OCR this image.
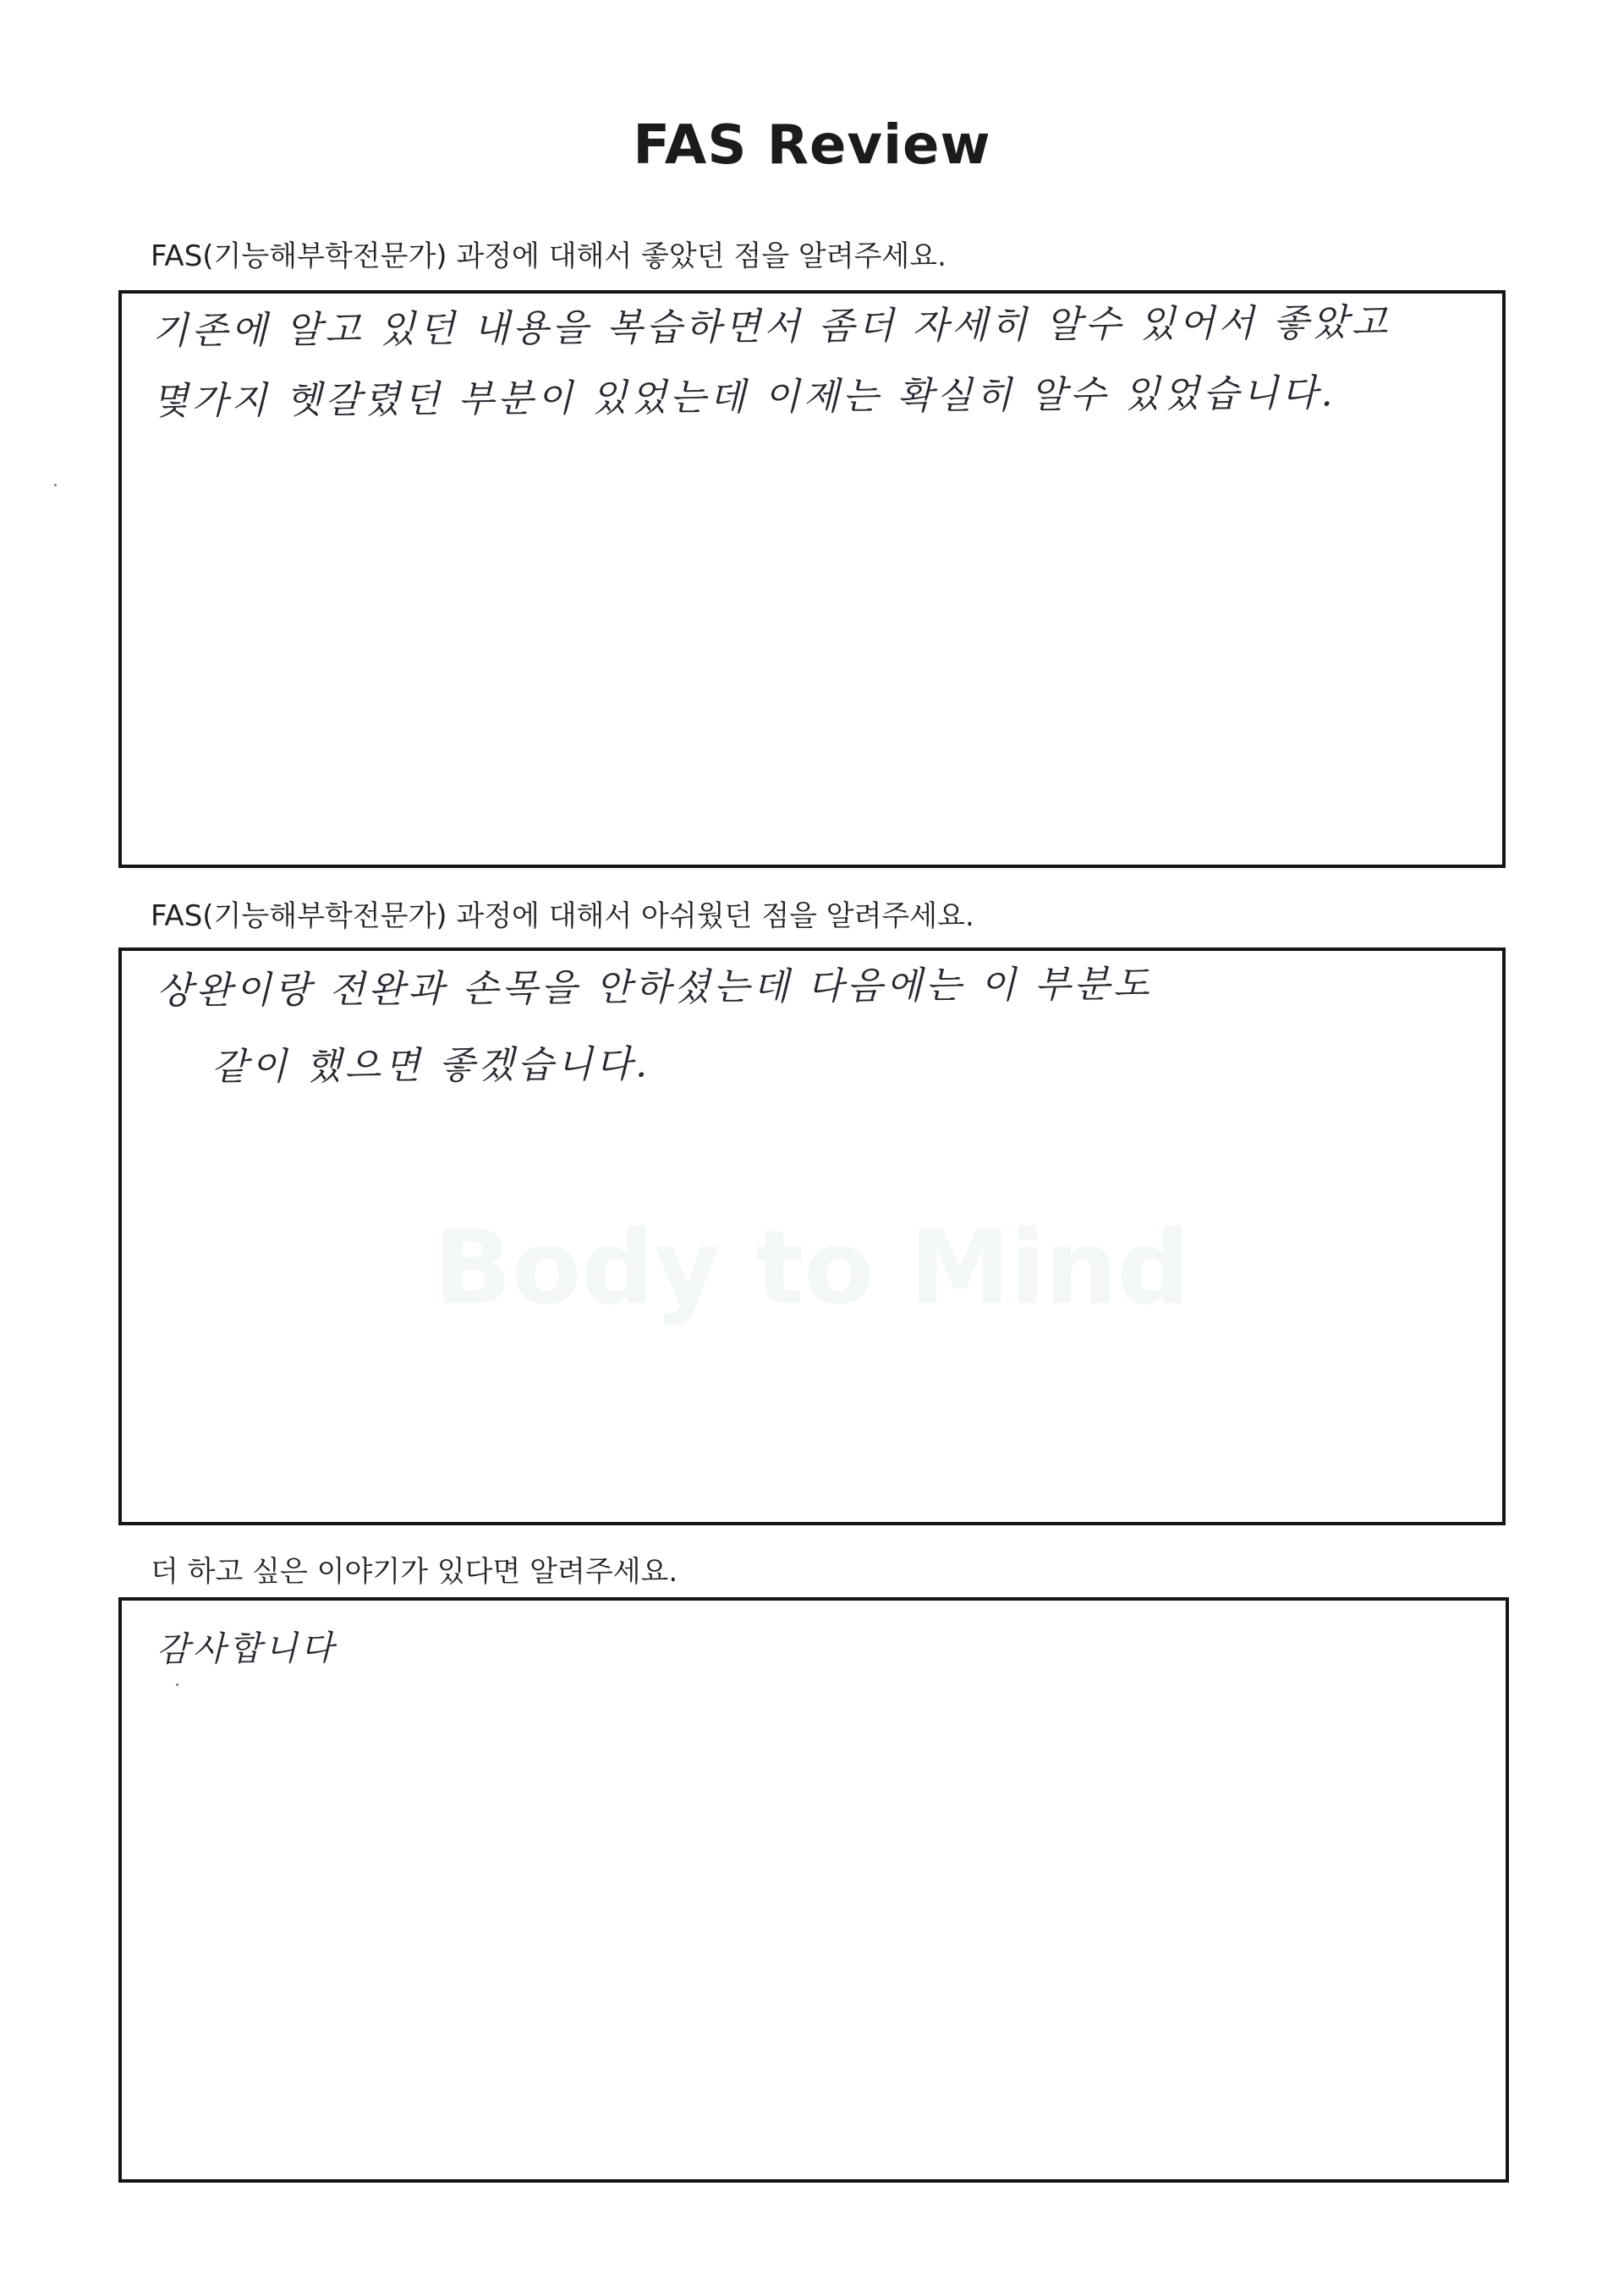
FAS Review
Body to Mind
FAS(기능해부학전문가) 과정에 대해서 좋았던 점을 알려주세요.
기존에 알고 있던 내용을 복습하면서 좀더 자세히 알수 있어서 좋았고
몇가지 헷갈렸던 부분이 있었는데 이제는 확실히 알수 있었습니다.
FAS(기능해부학전문가) 과정에 대해서 아쉬웠던 점을 알려주세요.
상완이랑 전완과 손목을 안하셨는데 다음에는 이 부분도
같이 했으면 좋겠습니다.
더 하고 싶은 이야기가 있다면 알려주세요.
감사합니다
